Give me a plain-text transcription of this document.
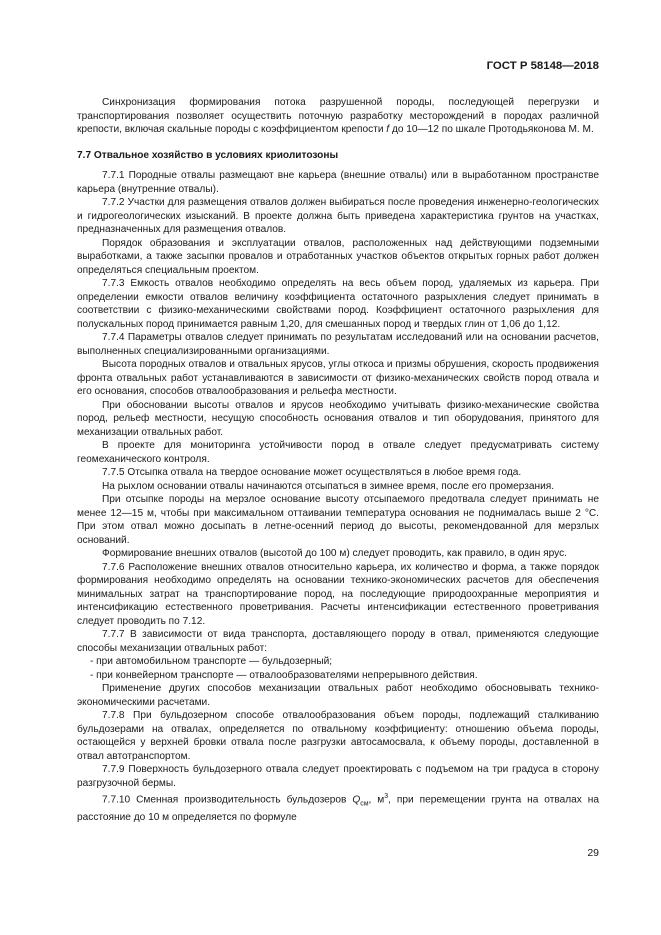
ГОСТ Р 58148—2018

Синхронизация формирования потока разрушенной породы, последующей перегрузки и транспортирования позволяет осуществить поточную разработку месторождений в породах различной крепости, включая скальные породы с коэффициентом крепости f до 10—12 по шкале Протодьяконова М. М.

7.7 Отвальное хозяйство в условиях криолитозоны

7.7.1 Породные отвалы размещают вне карьера (внешние отвалы) или в выработанном пространстве карьера (внутренние отвалы).

7.7.2 Участки для размещения отвалов должен выбираться после проведения инженерно-геологических и гидрогеологических изысканий. В проекте должна быть приведена характеристика грунтов на участках, предназначенных для размещения отвалов.

Порядок образования и эксплуатации отвалов, расположенных над действующими подземными выработками, а также засыпки провалов и отработанных участков объектов открытых горных работ должен определяться специальным проектом.

7.7.3 Емкость отвалов необходимо определять на весь объем пород, удаляемых из карьера. При определении емкости отвалов величину коэффициента остаточного разрыхления следует принимать в соответствии с физико-механическими свойствами пород. Коэффициент остаточного разрыхления для полускальных пород принимается равным 1,20, для смешанных пород и твердых глин от 1,06 до 1,12.

7.7.4 Параметры отвалов следует принимать по результатам исследований или на основании расчетов, выполненных специализированными организациями.

Высота породных отвалов и отвальных ярусов, углы откоса и призмы обрушения, скорость продвижения фронта отвальных работ устанавливаются в зависимости от физико-механических свойств пород отвала и его основания, способов отвалообразования и рельефа местности.

При обосновании высоты отвалов и ярусов необходимо учитывать физико-механические свойства пород, рельеф местности, несущую способность основания отвалов и тип оборудования, принятого для механизации отвальных работ.

В проекте для мониторинга устойчивости пород в отвале следует предусматривать систему геомеханического контроля.

7.7.5 Отсыпка отвала на твердое основание может осуществляться в любое время года.

На рыхлом основании отвалы начинаются отсыпаться в зимнее время, после его промерзания.

При отсыпке породы на мерзлое основание высоту отсыпаемого предотвала следует принимать не менее 12—15 м, чтобы при максимальном оттаивании температура основания не поднималась выше 2 °С. При этом отвал можно досыпать в летне-осенний период до высоты, рекомендованной для мерзлых оснований.

Формирование внешних отвалов (высотой до 100 м) следует проводить, как правило, в один ярус.

7.7.6 Расположение внешних отвалов относительно карьера, их количество и форма, а также порядок формирования необходимо определять на основании технико-экономических расчетов для обеспечения минимальных затрат на транспортирование пород, на последующие природоохранные мероприятия и интенсификацию естественного проветривания. Расчеты интенсификации естественного проветривания следует проводить по 7.12.

7.7.7 В зависимости от вида транспорта, доставляющего породу в отвал, применяются следующие способы механизации отвальных работ:

- при автомобильном транспорте — бульдозерный;

- при конвейерном транспорте — отвалообразователями непрерывного действия.

Применение других способов механизации отвальных работ необходимо обосновывать технико-экономическими расчетами.

7.7.8 При бульдозерном способе отвалообразования объем породы, подлежащий сталкиванию бульдозерами на отвалах, определяется по отвальному коэффициенту: отношению объема породы, остающейся у верхней бровки отвала после разгрузки автосамосвала, к объему породы, доставленной в отвал автотранспортом.

7.7.9 Поверхность бульдозерного отвала следует проектировать с подъемом на три градуса в сторону разгрузочной бермы.

7.7.10 Сменная производительность бульдозеров $Q_{см}$, $м^3$, при перемещении грунта на отвалах на расстояние до 10 м определяется по формуле

29
